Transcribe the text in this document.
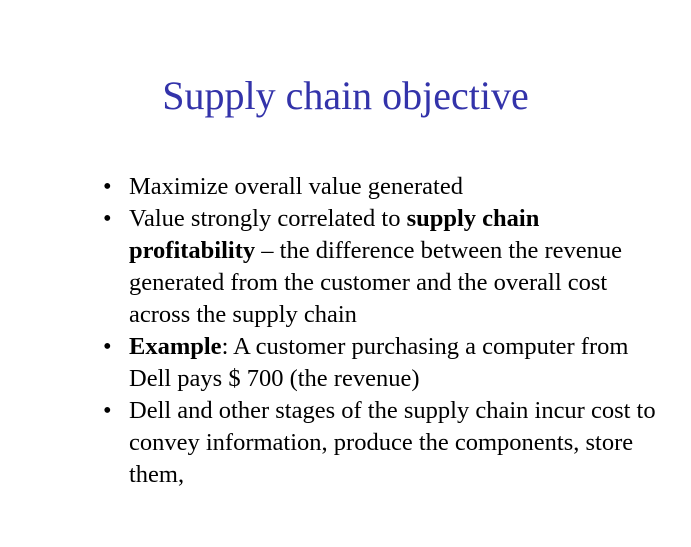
Supply chain objective
• Maximize overall value generated
• Value strongly correlated to supply chain profitability – the difference between the revenue generated from the customer and the overall cost across the supply chain
• Example: A customer purchasing a computer from Dell pays $ 700 (the revenue)
• Dell and other stages of the supply chain incur cost to convey information, produce the components, store them,
